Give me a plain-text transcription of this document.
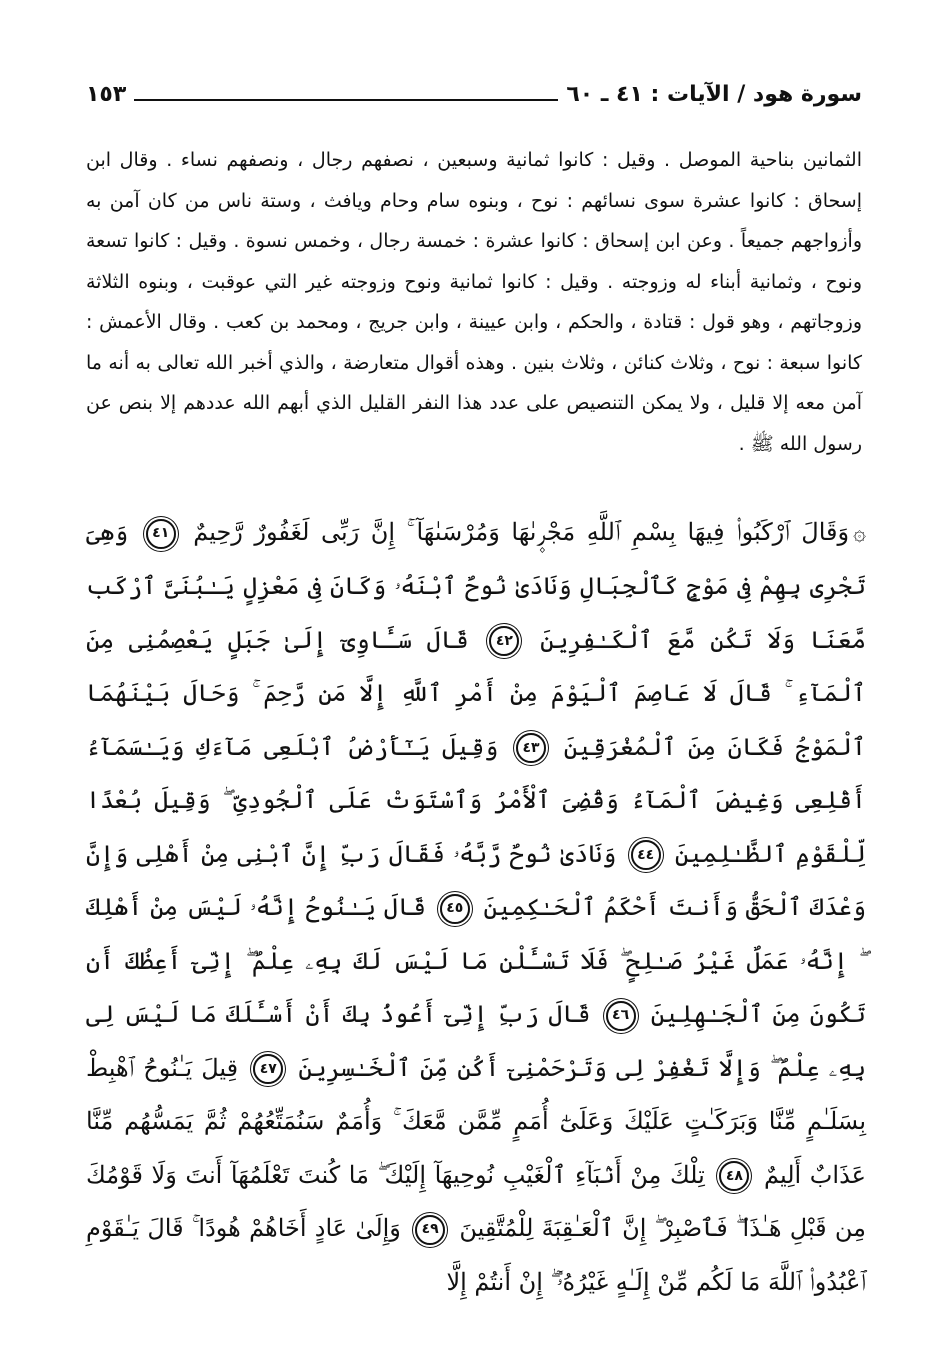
سورة هود / الآيات : ٤١ ـ ٦٠
١٥٣

الثمانين بناحية الموصل . وقيل : كانوا ثمانية وسبعين ، نصفهم رجال ، ونصفهم نساء . وقال ابن إسحاق : كانوا عشرة سوى نسائهم : نوح ، وبنوه سام وحام ويافث ، وستة ناس من كان آمن به وأزواجهم جميعاً . وعن ابن إسحاق : كانوا عشرة : خمسة رجال ، وخمس نسوة . وقيل : كانوا تسعة ونوح ، وثمانية أبناء له وزوجته . وقيل : كانوا ثمانية ونوح وزوجته غير التي عوقبت ، وبنوه الثلاثة وزوجاتهم ، وهو قول : قتادة ، والحكم ، وابن عيينة ، وابن جريج ، ومحمد بن كعب . وقال الأعمش : كانوا سبعة : نوح ، وثلاث كنائن ، وثلاث بنين . وهذه أقوال متعارضة ، والذي أخبر الله تعالى به أنه ما آمن معه إلا قليل ، ولا يمكن التنصيص على عدد هذا النفر القليل الذي أبهم الله عددهم إلا بنص عن رسول الله ﷺ .

۞وَقَالَ ٱرْكَبُوا۟ فِيهَا بِسْمِ ٱللَّهِ مَجْر۪ىٰهَا وَمُرْسَىٰهَآ ۚ إِنَّ رَبِّى لَغَفُورٌ رَّحِيمٌ ٤١ وَهِىَ تَجْرِى بِهِمْ فِى مَوْجٍ كَٱلْجِبَالِ وَنَادَىٰ نُوحٌ ٱبْنَهُۥ وَكَانَ فِى مَعْزِلٍ يَـٰبُنَىَّ ٱرْكَب مَّعَنَا وَلَا تَكُن مَّعَ ٱلْكَـٰفِرِينَ ٤٢ قَالَ سَـَٔاوِىٓ إِلَىٰ جَبَلٍ يَعْصِمُنِى مِنَ ٱلْمَآءِ ۚ قَالَ لَا عَاصِمَ ٱلْيَوْمَ مِنْ أَمْرِ ٱللَّهِ إِلَّا مَن رَّحِمَ ۚ وَحَالَ بَيْنَهُمَا ٱلْمَوْجُ فَكَانَ مِنَ ٱلْمُغْرَقِينَ ٤٣ وَقِيلَ يَـٰٓأَرْضُ ٱبْلَعِى مَآءَكِ وَيَـٰسَمَآءُ أَقْلِعِى وَغِيضَ ٱلْمَآءُ وَقُضِىَ ٱلْأَمْرُ وَٱسْتَوَتْ عَلَى ٱلْجُودِىِّ ۖ وَقِيلَ بُعْدًا لِّلْقَوْمِ ٱلظَّـٰلِمِينَ ٤٤ وَنَادَىٰ نُوحٌ رَّبَّهُۥ فَقَالَ رَبِّ إِنَّ ٱبْنِى مِنْ أَهْلِى وَإِنَّ وَعْدَكَ ٱلْحَقُّ وَأَنتَ أَحْكَمُ ٱلْحَـٰكِمِينَ ٤٥ قَالَ يَـٰنُوحُ إِنَّهُۥ لَيْسَ مِنْ أَهْلِكَ ۖ إِنَّهُۥ عَمَلٌ غَيْرُ صَـٰلِحٍ ۖ فَلَا تَسْـَٔلْنِ مَا لَيْسَ لَكَ بِهِۦ عِلْمٌ ۖ إِنِّىٓ أَعِظُكَ أَن تَكُونَ مِنَ ٱلْجَـٰهِلِينَ ٤٦ قَالَ رَبِّ إِنِّىٓ أَعُوذُ بِكَ أَنْ أَسْـَٔلَكَ مَا لَيْسَ لِى بِهِۦ عِلْمٌ ۖ وَإِلَّا تَغْفِرْ لِى وَتَرْحَمْنِىٓ أَكُن مِّنَ ٱلْخَـٰسِرِينَ ٤٧ قِيلَ يَـٰنُوحُ ٱهْبِطْ بِسَلَـٰمٍ مِّنَّا وَبَرَكَـٰتٍ عَلَيْكَ وَعَلَىٰٓ أُمَمٍ مِّمَّن مَّعَكَ ۚ وَأُمَمٌ سَنُمَتِّعُهُمْ ثُمَّ يَمَسُّهُم مِّنَّا عَذَابٌ أَلِيمٌ ٤٨ تِلْكَ مِنْ أَنۢبَآءِ ٱلْغَيْبِ نُوحِيهَآ إِلَيْكَ ۖ مَا كُنتَ تَعْلَمُهَآ أَنتَ وَلَا قَوْمُكَ مِن قَبْلِ هَـٰذَا ۖ فَٱصْبِرْ ۖ إِنَّ ٱلْعَـٰقِبَةَ لِلْمُتَّقِينَ ٤٩ وَإِلَىٰ عَادٍ أَخَاهُمْ هُودًا ۚ قَالَ يَـٰقَوْمِ ٱعْبُدُوا۟ ٱللَّهَ مَا لَكُم مِّنْ إِلَـٰهٍ غَيْرُهُۥٓ ۖ إِنْ أَنتُمْ إِلَّا
